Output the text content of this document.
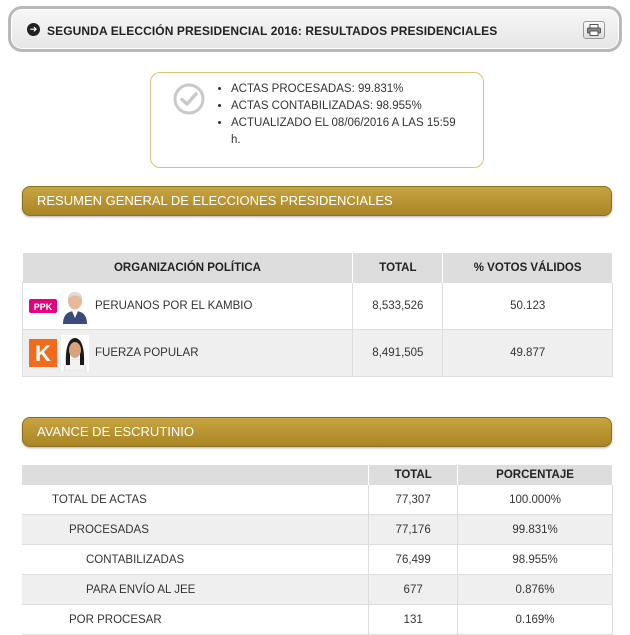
➜ SEGUNDA ELECCIÓN PRESIDENCIAL 2016: RESULTADOS PRESIDENCIALES
• ACTAS PROCESADAS: 99.831%
• ACTAS CONTABILIZADAS: 98.955%
• ACTUALIZADO EL 08/06/2016 A LAS 15:59 h.
RESUMEN GENERAL DE ELECCIONES PRESIDENCIALES
ORGANIZACIÓN POLÍTICA	TOTAL	% VOTOS VÁLIDOS

PPK PERUANOS POR EL KAMBIO	8,533,526	50.123

K FUERZA POPULAR	8,491,505	49.877
AVANCE DE ESCRUTINIO
	TOTAL	PORCENTAJE
TOTAL DE ACTAS	77,307	100.000%
PROCESADAS	77,176	99.831%
CONTABILIZADAS	76,499	98.955%
PARA ENVÍO AL JEE	677	0.876%
POR PROCESAR	131	0.169%
